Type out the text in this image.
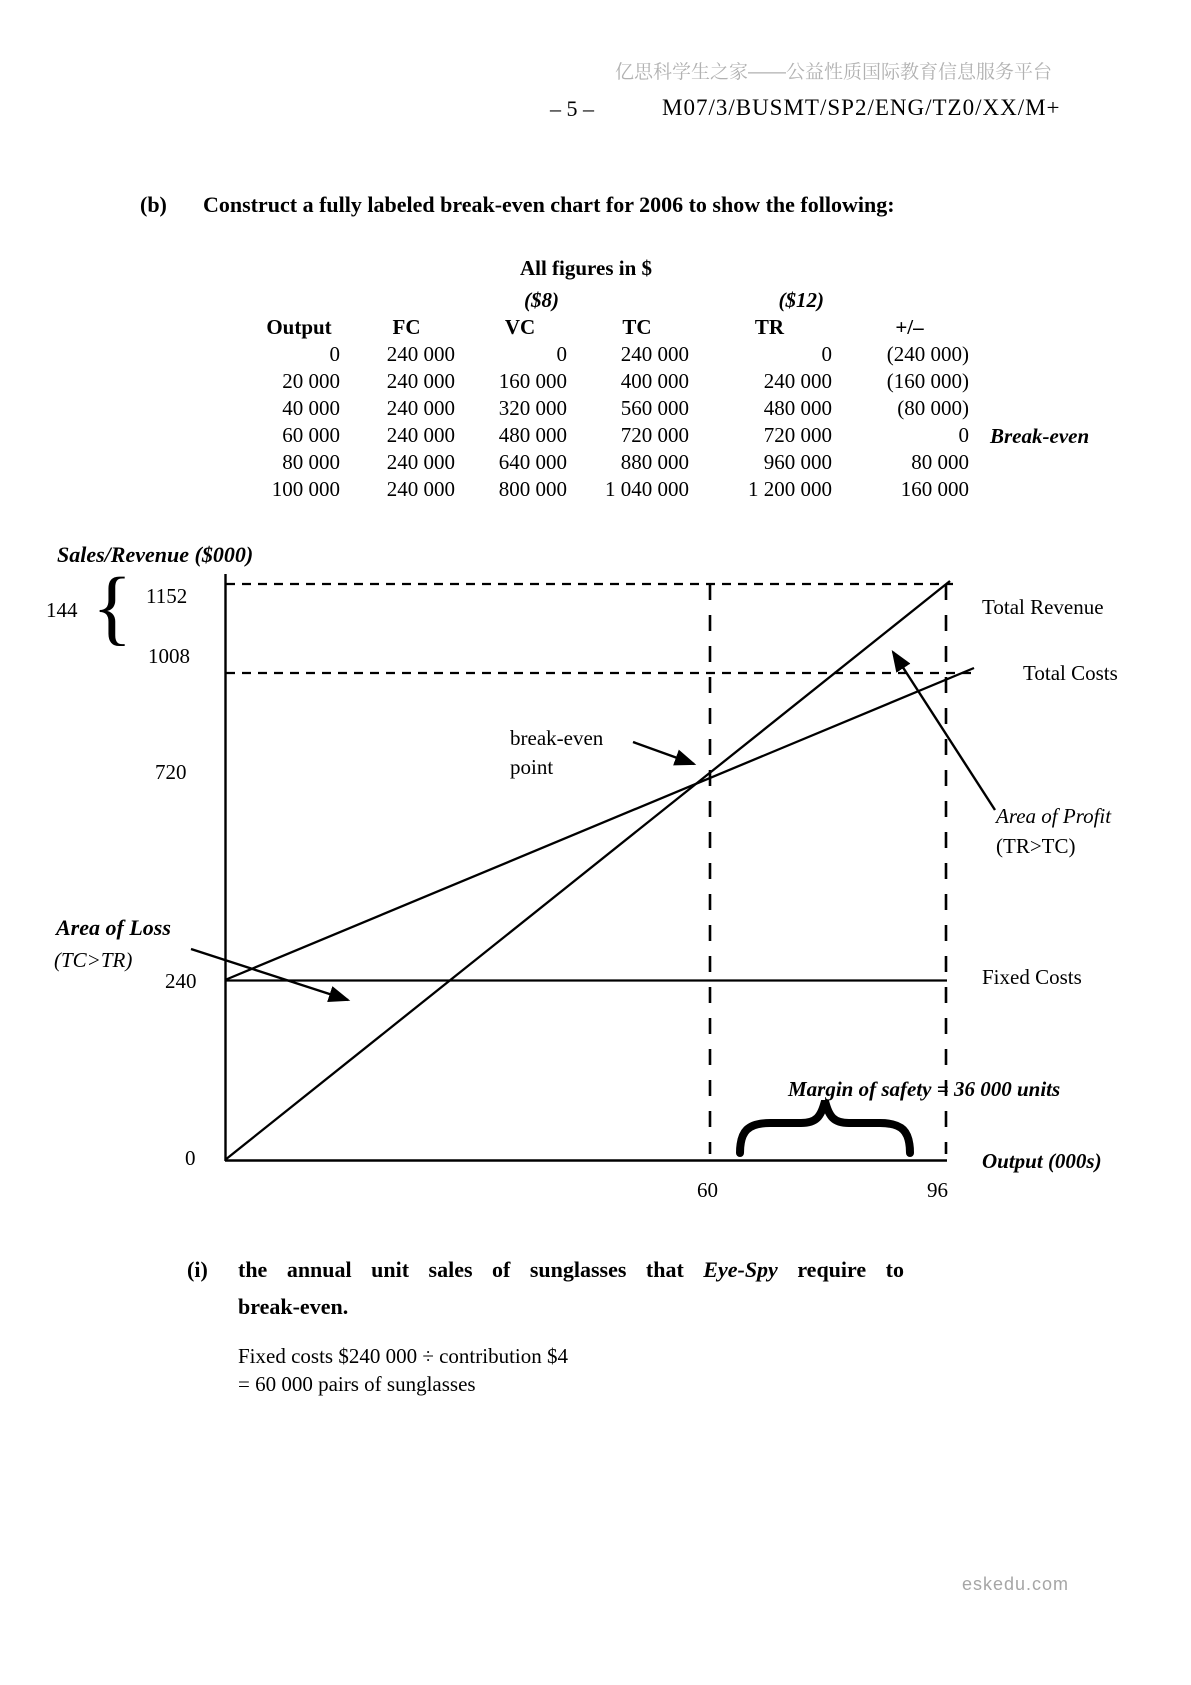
亿思科学生之家——公益性质国际教育信息服务平台
– 5 –	M07/3/BUSMT/SP2/ENG/TZ0/XX/M+
(b) Construct a fully labeled break-even chart for 2006 to show the following:
All figures in $
($8)	($12)
Output	FC	VC	TC	TR	+/–
0	240 000	0	240 000	0	(240 000)
20 000	240 000	160 000	400 000	240 000	(160 000)
40 000	240 000	320 000	560 000	480 000	(80 000)
60 000	240 000	480 000	720 000	720 000	0
80 000	240 000	640 000	880 000	960 000	80 000
100 000	240 000	800 000	1 040 000	1 200 000	160 000
Break-even
Sales/Revenue ($000)
144 { 1152
1008
720
240
0
Total Revenue
Total Costs
break-even
point
Area of Profit
(TR>TC)
Area of Loss
(TC>TR)
Fixed Costs
Margin of safety = 36 000 units
Output (000s)
60	96
(i) the annual unit sales of sunglasses that Eye-Spy require to
break-even.
Fixed costs $240 000 ÷ contribution $4
= 60 000 pairs of sunglasses
eskedu.com
